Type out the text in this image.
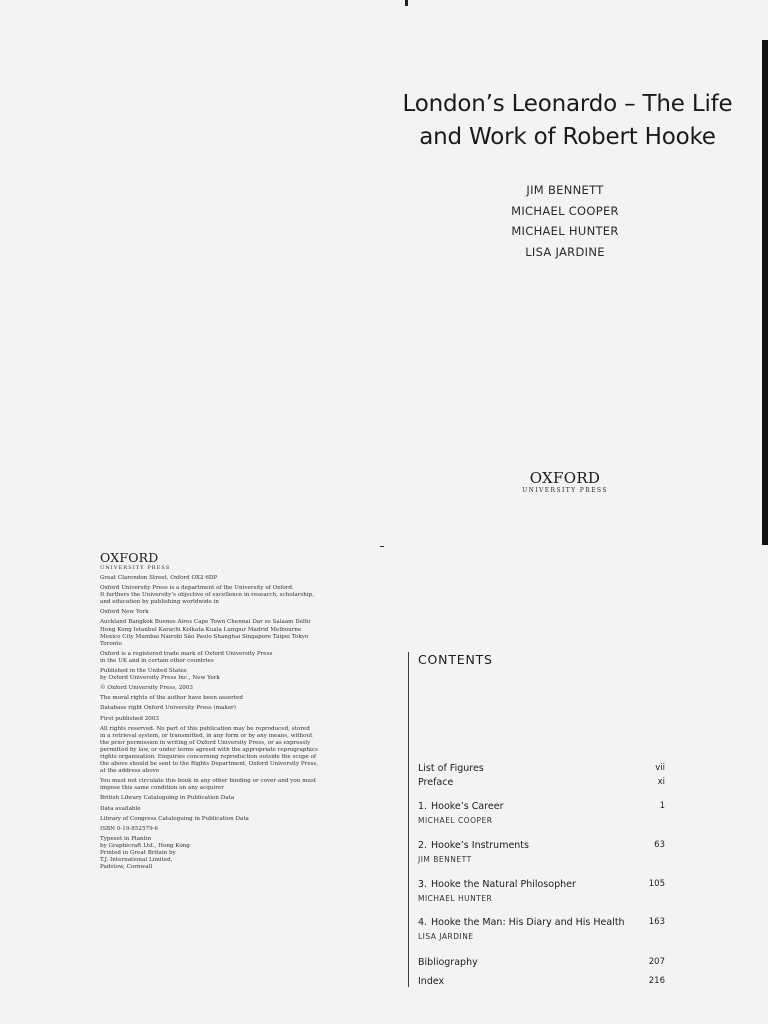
London’s Leonardo – The Life
and Work of Robert Hooke
JIM BENNETT
MICHAEL COOPER
MICHAEL HUNTER
LISA JARDINE
OXFORD
UNIVERSITY PRESS
OXFORD
UNIVERSITY PRESS

Great Clarendon Street, Oxford OX2 6DP

Oxford University Press is a department of the University of Oxford.
It furthers the University’s objective of excellence in research, scholarship,
and education by publishing worldwide in

Oxford New York

Auckland Bangkok Buenos Aires Cape Town Chennai Dar es Salaam Delhi
Hong Kong Istanbul Karachi Kolkata Kuala Lumpur Madrid Melbourne
Mexico City Mumbai Nairobi São Paulo Shanghai Singapore Taipei Tokyo
Toronto

Oxford is a registered trade mark of Oxford University Press
in the UK and in certain other countries

Published in the United States
by Oxford University Press Inc., New York

© Oxford University Press, 2003

The moral rights of the author have been asserted

Database right Oxford University Press (maker)

First published 2003

All rights reserved. No part of this publication may be reproduced, stored
in a retrieval system, or transmitted, in any form or by any means, without
the prior permission in writing of Oxford University Press, or as expressly
permitted by law, or under terms agreed with the appropriate reprographics
rights organization. Enquiries concerning reproduction outside the scope of
the above should be sent to the Rights Department, Oxford University Press,
at the address above

You must not circulate this book in any other binding or cover and you must
impose this same condition on any acquirer

British Library Cataloguing in Publication Data

Data available

Library of Congress Cataloguing in Publication Data

ISBN 0-19-852579-6

Typeset in Plantin
by Graphicraft Ltd., Hong Kong
Printed in Great Britain by
T.J. International Limited,
Padstow, Cornwall

CONTENTS
List of Figures	vii
Preface	xi
1. Hooke’s Career	1
MICHAEL COOPER
2. Hooke’s Instruments	63
JIM BENNETT
3. Hooke the Natural Philosopher	105
MICHAEL HUNTER
4. Hooke the Man: His Diary and His Health	163
LISA JARDINE
Bibliography	207
Index	216
